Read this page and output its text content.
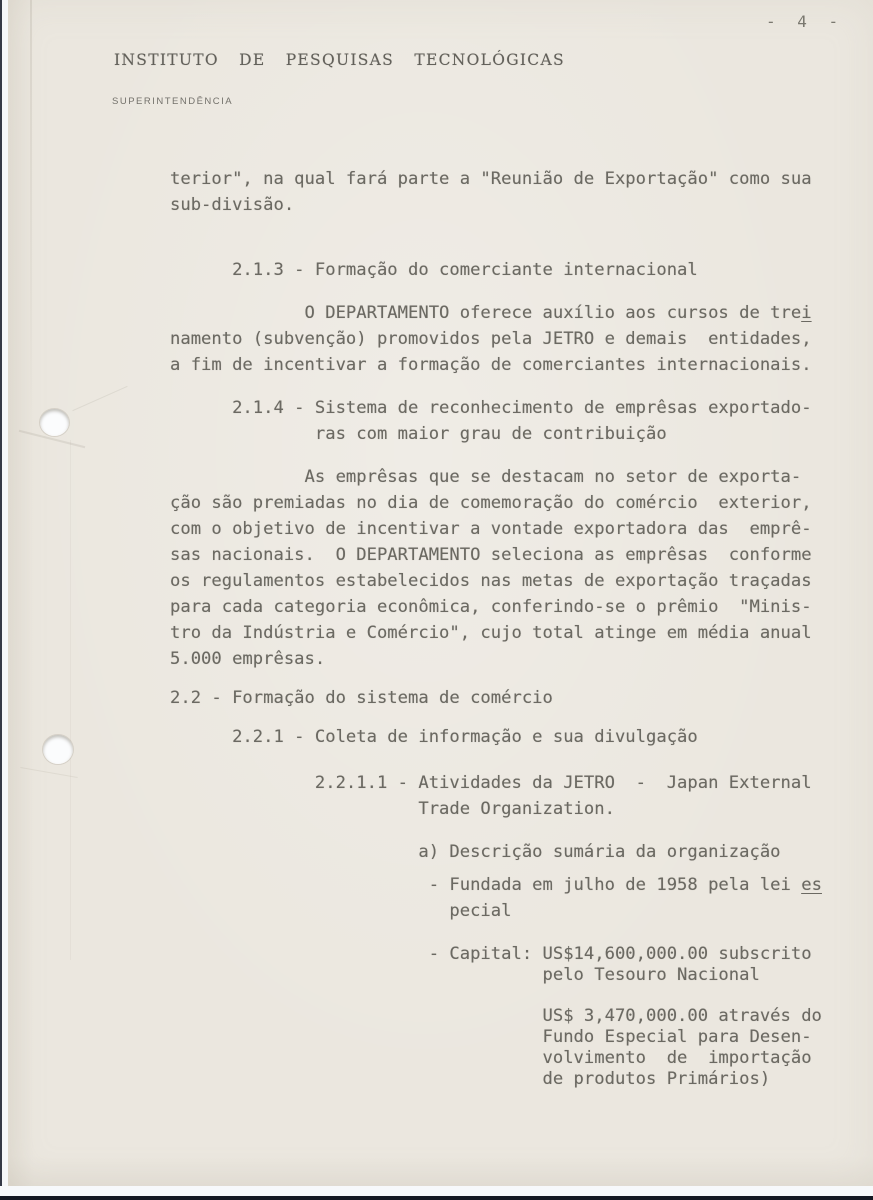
- 4 -
INSTITUTO DE PESQUISAS TECNOLÓGICAS
SUPERINTENDÊNCIA
terior", na qual fará parte a "Reunião de Exportação" como sua
sub-divisão.
2.1.3 - Formação do comerciante internacional
O DEPARTAMENTO oferece auxílio aos cursos de trei
namento (subvenção) promovidos pela JETRO e demais  entidades,
a fim de incentivar a formação de comerciantes internacionais.
2.1.4 - Sistema de reconhecimento de emprêsas exportado-
ras com maior grau de contribuição
As emprêsas que se destacam no setor de exporta-
ção são premiadas no dia de comemoração do comércio  exterior,
com o objetivo de incentivar a vontade exportadora das  emprê-
sas nacionais.  O DEPARTAMENTO seleciona as emprêsas  conforme
os regulamentos estabelecidos nas metas de exportação traçadas
para cada categoria econômica, conferindo-se o prêmio  "Minis-
tro da Indústria e Comércio", cujo total atinge em média anual
5.000 emprêsas.
2.2 - Formação do sistema de comércio
2.2.1 - Coleta de informação e sua divulgação
2.2.1.1 - Atividades da JETRO  -  Japan External
Trade Organization.
a) Descrição sumária da organização
- Fundada em julho de 1958 pela lei es
pecial
- Capital: US$14,600,000.00 subscrito
pelo Tesouro Nacional
US$ 3,470,000.00 através do
Fundo Especial para Desen-
volvimento  de  importação
de produtos Primários)
